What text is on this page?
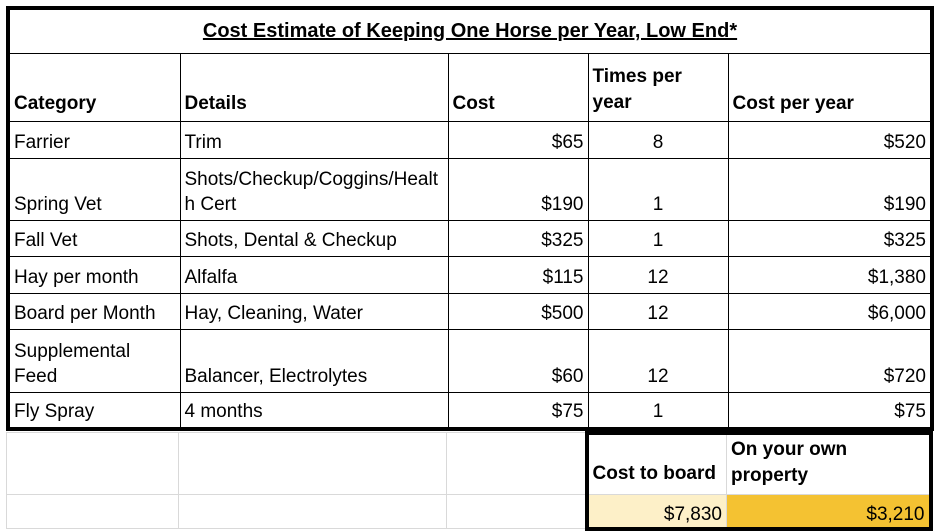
Cost Estimate of Keeping One Horse per Year, Low End*				
Category	Details	Cost	Times per year	Cost per year
Farrier	Trim	$65	8	$520
Spring Vet	Shots/Checkup/Coggins/Health Cert	$190	1	$190
Fall Vet	Shots, Dental & Checkup	$325	1	$325
Hay per month	Alfalfa	$115	12	$1,380
Board per Month	Hay, Cleaning, Water	$500	12	$6,000
Supplemental Feed	Balancer, Electrolytes	$60	12	$720
Fly Spray	4 months	$75	1	$75
			Cost to board	On your own property
			$7,830	$3,210
